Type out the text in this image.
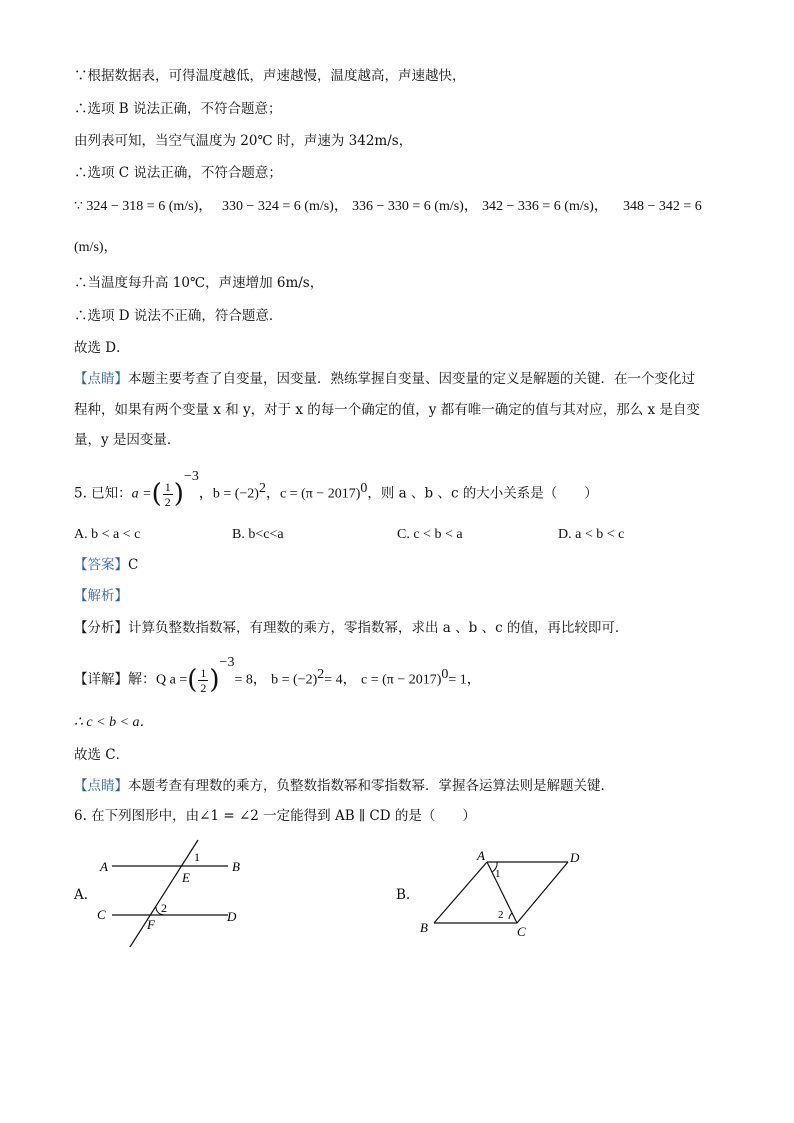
∵根据数据表，可得温度越低，声速越慢，温度越高，声速越快，
∴选项 B 说法正确，不符合题意；
由列表可知，当空气温度为 20℃ 时，声速为 342m/s，
∴选项 C 说法正确，不符合题意；
∵ 324 − 318 = 6 (m/s)， 330 − 324 = 6 (m/s)， 336 − 330 = 6 (m/s)， 342 − 336 = 6 (m/s)， 348 − 342 = 6
(m/s)，
∴当温度每升高 10℃，声速增加 6m/s，
∴选项 D 说法不正确，符合题意．
故选 D．
【点睛】本题主要考查了自变量，因变量．熟练掌握自变量、因变量的定义是解题的关键．在一个变化过
程种，如果有两个变量 x 和 y，对于 x 的每一个确定的值，y 都有唯一确定的值与其对应，那么 x 是自变
量，y 是因变量．
5. 已知：a =( $\frac{1}{2} )^{-3}$，$b = (-2)^2$，$c = (\pi - 2017)^0$，则 a 、b 、c 的大小关系是（　　）
A. b < a < c	B. b<c<a	C. c < b < a	D. a < b < c
【答案】C
【解析】
【分析】计算负整数指数幂，有理数的乘方，零指数幂，求出 a 、b 、c 的值，再比较即可．
【详解】解：Q a =( $\frac{1}{2} )^{-3}= 8$， $b = (-2)^2= 4$， $c = (\pi - 2017)^0= 1$，
∴ c < b < a．
故选 C．
【点睛】本题考查有理数的乘方，负整数指数幂和零指数幂．掌握各运算法则是解题关键．
6. 在下列图形中，由∠1 = ∠2 一定能得到 AB ∥ CD 的是（　　）
A.	B.
A	B
C	D
E
F
1
2
A	D
B	C
1
2
